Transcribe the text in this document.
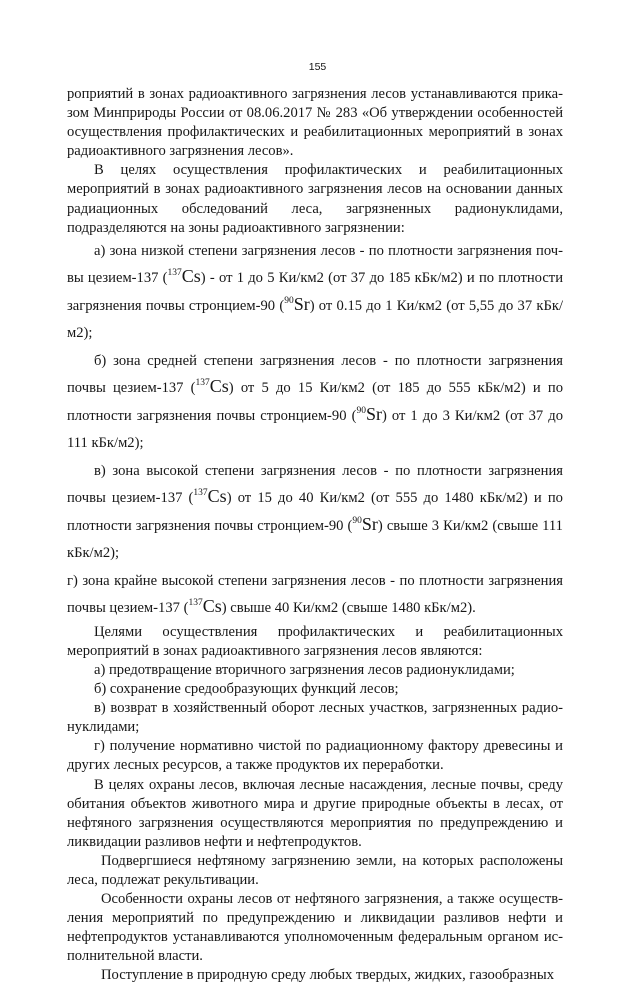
155

роприятий в зонах радиоактивного загрязнения лесов устанавливаются приказом Минприроды России от 08.06.2017 № 283 «Об утверждении особенностей осуществления профилактических и реабилитационных мероприятий в зонах радиоактивного загрязнения лесов».

В целях осуществления профилактических и реабилитационных мероприятий в зонах радиоактивного загрязнения лесов на основании данных радиационных обследований леса, загрязненных радионуклидами, подразделяются на зоны радиоактивного загрязнении:

а) зона низкой степени загрязнения лесов - по плотности загрязнения почвы цезием-137 ($^{137}$Cs) - от 1 до 5 Ки/км2 (от 37 до 185 кБк/м2) и по плотности загрязнения почвы стронцием-90 ($^{90}$Sr) от 0.15 до 1 Ки/км2 (от 5,55 до 37 кБк/м2);

б) зона средней степени загрязнения лесов - по плотности загрязнения почвы цезием-137 ($^{137}$Cs) от 5 до 15 Ки/км2 (от 185 до 555 кБк/м2) и по плотности загрязнения почвы стронцием-90 ($^{90}$Sr) от 1 до 3 Ки/км2 (от 37 до 111 кБк/м2);

в) зона высокой степени загрязнения лесов - по плотности загрязнения почвы цезием-137 ($^{137}$Cs) от 15 до 40 Ки/км2 (от 555 до 1480 кБк/м2) и по плотности загрязнения почвы стронцием-90 ($^{90}$Sr) свыше 3 Ки/км2 (свыше 111 кБк/м2);

г) зона крайне высокой степени загрязнения лесов - по плотности загрязнения почвы цезием-137 ($^{137}$Cs) свыше 40 Ки/км2 (свыше 1480 кБк/м2).

Целями осуществления профилактических и реабилитационных мероприятий в зонах радиоактивного загрязнения лесов являются:

а) предотвращение вторичного загрязнения лесов радионуклидами;

б) сохранение средообразующих функций лесов;

в) возврат в хозяйственный оборот лесных участков, загрязненных радионуклидами;

г) получение нормативно чистой по радиационному фактору древесины и других лесных ресурсов, а также продуктов их переработки.

В целях охраны лесов, включая лесные насаждения, лесные почвы, среду обитания объектов животного мира и другие природные объекты в лесах, от нефтяного загрязнения осуществляются мероприятия по предупреждению и ликвидации разливов нефти и нефтепродуктов.

Подвергшиеся нефтяному загрязнению земли, на которых расположены леса, подлежат рекультивации.

Особенности охраны лесов от нефтяного загрязнения, а также осуществления мероприятий по предупреждению и ликвидации разливов нефти и нефтепродуктов устанавливаются уполномоченным федеральным органом исполнительной власти.

Поступление в природную среду любых твердых, жидких, газообразных
